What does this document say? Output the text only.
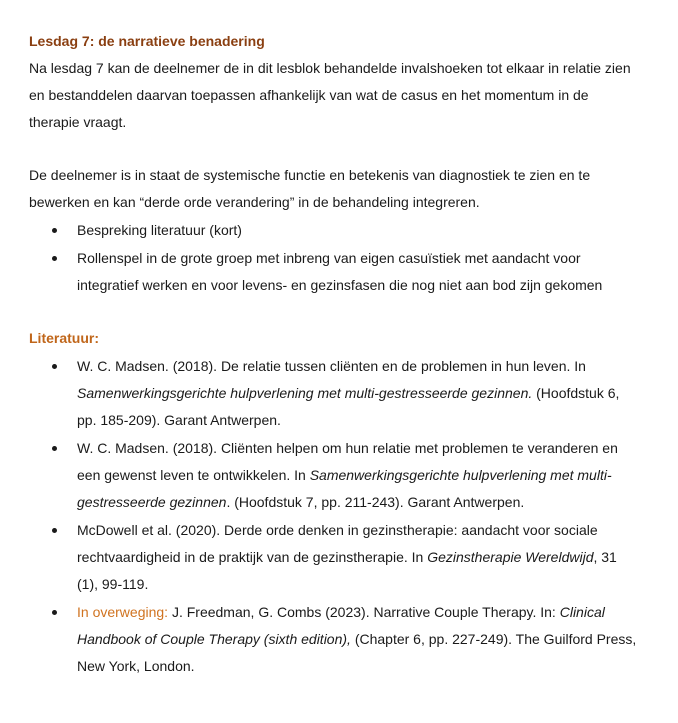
Lesdag 7: de narratieve benadering

Na lesdag 7 kan de deelnemer de in dit lesblok behandelde invalshoeken tot elkaar in relatie zien en bestanddelen daarvan toepassen afhankelijk van wat de casus en het momentum in de therapie vraagt.

De deelnemer is in staat de systemische functie en betekenis van diagnostiek te zien en te bewerken en kan “derde orde verandering” in de behandeling integreren.

Bespreking literatuur (kort)
Rollenspel in de grote groep met inbreng van eigen casuïstiek met aandacht voor integratief werken en voor levens- en gezinsfasen die nog niet aan bod zijn gekomen

Literatuur:

W. C. Madsen. (2018). De relatie tussen cliënten en de problemen in hun leven. In Samenwerkingsgerichte hulpverlening met multi-gestresseerde gezinnen. (Hoofdstuk 6, pp. 185-209). Garant Antwerpen.
W. C. Madsen. (2018). Cliënten helpen om hun relatie met problemen te veranderen en een gewenst leven te ontwikkelen. In Samenwerkingsgerichte hulpverlening met multi-gestresseerde gezinnen. (Hoofdstuk 7, pp. 211-243). Garant Antwerpen.
McDowell et al. (2020). Derde orde denken in gezinstherapie: aandacht voor sociale rechtvaardigheid in de praktijk van de gezinstherapie. In Gezinstherapie Wereldwijd, 31 (1), 99-119.
In overweging: J. Freedman, G. Combs (2023). Narrative Couple Therapy. In: Clinical Handbook of Couple Therapy (sixth edition), (Chapter 6, pp. 227-249). The Guilford Press, New York, London.
